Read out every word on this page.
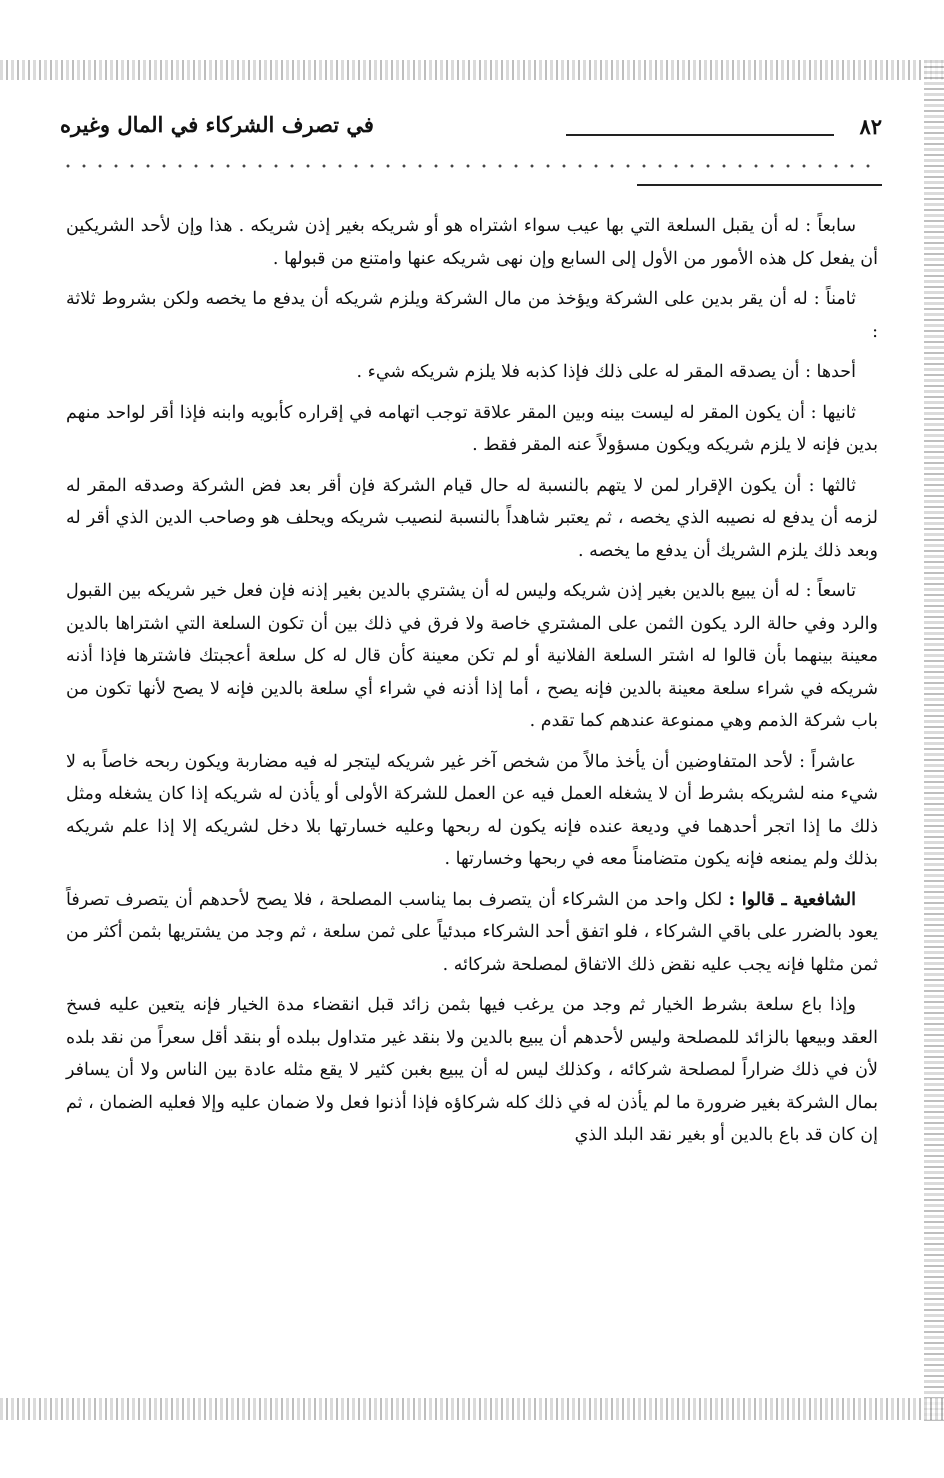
٨٢
في تصرف الشركاء في المال وغيره

سابعاً : له أن يقبل السلعة التي بها عيب سواء اشتراه هو أو شريكه بغير إذن شريكه . هذا وإن لأحد الشريكين أن يفعل كل هذه الأمور من الأول إلى السابع وإن نهى شريكه عنها وامتنع من قبولها .

ثامناً : له أن يقر بدين على الشركة ويؤخذ من مال الشركة ويلزم شريكه أن يدفع ما يخصه ولكن بشروط ثلاثة :

أحدها : أن يصدقه المقر له على ذلك فإذا كذبه فلا يلزم شريكه شيء .

ثانيها : أن يكون المقر له ليست بينه وبين المقر علاقة توجب اتهامه في إقراره كأبويه وابنه فإذا أقر لواحد منهم بدين فإنه لا يلزم شريكه ويكون مسؤولاً عنه المقر فقط .

ثالثها : أن يكون الإقرار لمن لا يتهم بالنسبة له حال قيام الشركة فإن أقر بعد فض الشركة وصدقه المقر له لزمه أن يدفع له نصيبه الذي يخصه ، ثم يعتبر شاهداً بالنسبة لنصيب شريكه ويحلف هو وصاحب الدين الذي أقر له وبعد ذلك يلزم الشريك أن يدفع ما يخصه .

تاسعاً : له أن يبيع بالدين بغير إذن شريكه وليس له أن يشتري بالدين بغير إذنه فإن فعل خير شريكه بين القبول والرد وفي حالة الرد يكون الثمن على المشتري خاصة ولا فرق في ذلك بين أن تكون السلعة التي اشتراها بالدين معينة بينهما بأن قالوا له اشتر السلعة الفلانية أو لم تكن معينة كأن قال له كل سلعة أعجبتك فاشترها فإذا أذنه شريكه في شراء سلعة معينة بالدين فإنه يصح ، أما إذا أذنه في شراء أي سلعة بالدين فإنه لا يصح لأنها تكون من باب شركة الذمم وهي ممنوعة عندهم كما تقدم .

عاشراً : لأحد المتفاوضين أن يأخذ مالاً من شخص آخر غير شريكه ليتجر له فيه مضاربة ويكون ربحه خاصاً به لا شيء منه لشريكه بشرط أن لا يشغله العمل فيه عن العمل للشركة الأولى أو يأذن له شريكه إذا كان يشغله ومثل ذلك ما إذا اتجر أحدهما في وديعة عنده فإنه يكون له ربحها وعليه خسارتها بلا دخل لشريكه إلا إذا علم شريكه بذلك ولم يمنعه فإنه يكون متضامناً معه في ربحها وخسارتها .

الشافعية ـ قالوا : لكل واحد من الشركاء أن يتصرف بما يناسب المصلحة ، فلا يصح لأحدهم أن يتصرف تصرفاً يعود بالضرر على باقي الشركاء ، فلو اتفق أحد الشركاء مبدئياً على ثمن سلعة ، ثم وجد من يشتريها بثمن أكثر من ثمن مثلها فإنه يجب عليه نقض ذلك الاتفاق لمصلحة شركائه .

وإذا باع سلعة بشرط الخيار ثم وجد من يرغب فيها بثمن زائد قبل انقضاء مدة الخيار فإنه يتعين عليه فسخ العقد وبيعها بالزائد للمصلحة وليس لأحدهم أن يبيع بالدين ولا بنقد غير متداول ببلده أو بنقد أقل سعراً من نقد بلده لأن في ذلك ضراراً لمصلحة شركائه ، وكذلك ليس له أن يبيع بغبن كثير لا يقع مثله عادة بين الناس ولا أن يسافر بمال الشركة بغير ضرورة ما لم يأذن له في ذلك كله شركاؤه فإذا أذنوا فعل ولا ضمان عليه وإلا فعليه الضمان ، ثم إن كان قد باع بالدين أو بغير نقد البلد الذي
